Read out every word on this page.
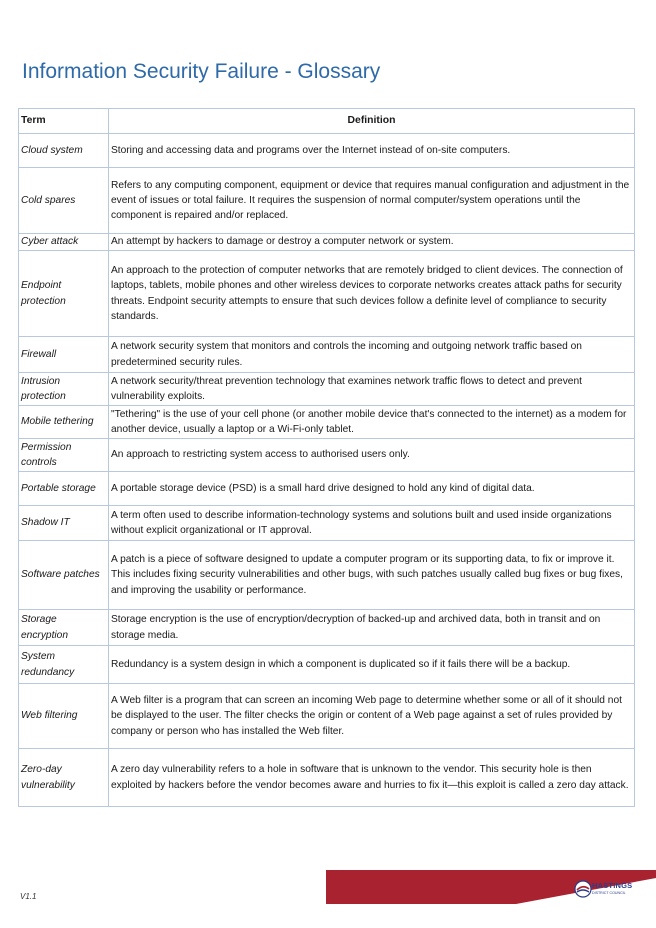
Information Security Failure - Glossary
Term	Definition
Cloud system	Storing and accessing data and programs over the Internet instead of on-site computers.
Cold spares	Refers to any computing component, equipment or device that requires manual configuration and adjustment in the event of issues or total failure. It requires the suspension of normal computer/system operations until the component is repaired and/or replaced.
Cyber attack	An attempt by hackers to damage or destroy a computer network or system.
Endpoint protection	An approach to the protection of computer networks that are remotely bridged to client devices. The connection of laptops, tablets, mobile phones and other wireless devices to corporate networks creates attack paths for security threats. Endpoint security attempts to ensure that such devices follow a definite level of compliance to security standards.
Firewall	A network security system that monitors and controls the incoming and outgoing network traffic based on predetermined security rules.
Intrusion protection	A network security/threat prevention technology that examines network traffic flows to detect and prevent vulnerability exploits.
Mobile tethering	"Tethering" is the use of your cell phone (or another mobile device that's connected to the internet) as a modem for another device, usually a laptop or a Wi-Fi-only tablet.
Permission controls	An approach to restricting system access to authorised users only.
Portable storage	A portable storage device (PSD) is a small hard drive designed to hold any kind of digital data.
Shadow IT	A term often used to describe information-technology systems and solutions built and used inside organizations without explicit organizational or IT approval.
Software patches	A patch is a piece of software designed to update a computer program or its supporting data, to fix or improve it. This includes fixing security vulnerabilities and other bugs, with such patches usually called bug fixes or bug fixes, and improving the usability or performance.
Storage encryption	Storage encryption is the use of encryption/decryption of backed-up and archived data, both in transit and on storage media.
System redundancy	Redundancy is a system design in which a component is duplicated so if it fails there will be a backup.
Web filtering	A Web filter is a program that can screen an incoming Web page to determine whether some or all of it should not be displayed to the user. The filter checks the origin or content of a Web page against a set of rules provided by company or person who has installed the Web filter.
Zero-day vulnerability	A zero day vulnerability refers to a hole in software that is unknown to the vendor. This security hole is then exploited by hackers before the vendor becomes aware and hurries to fix it—this exploit is called a zero day attack.
V1.1
HASTINGS
DISTRICT COUNCIL
